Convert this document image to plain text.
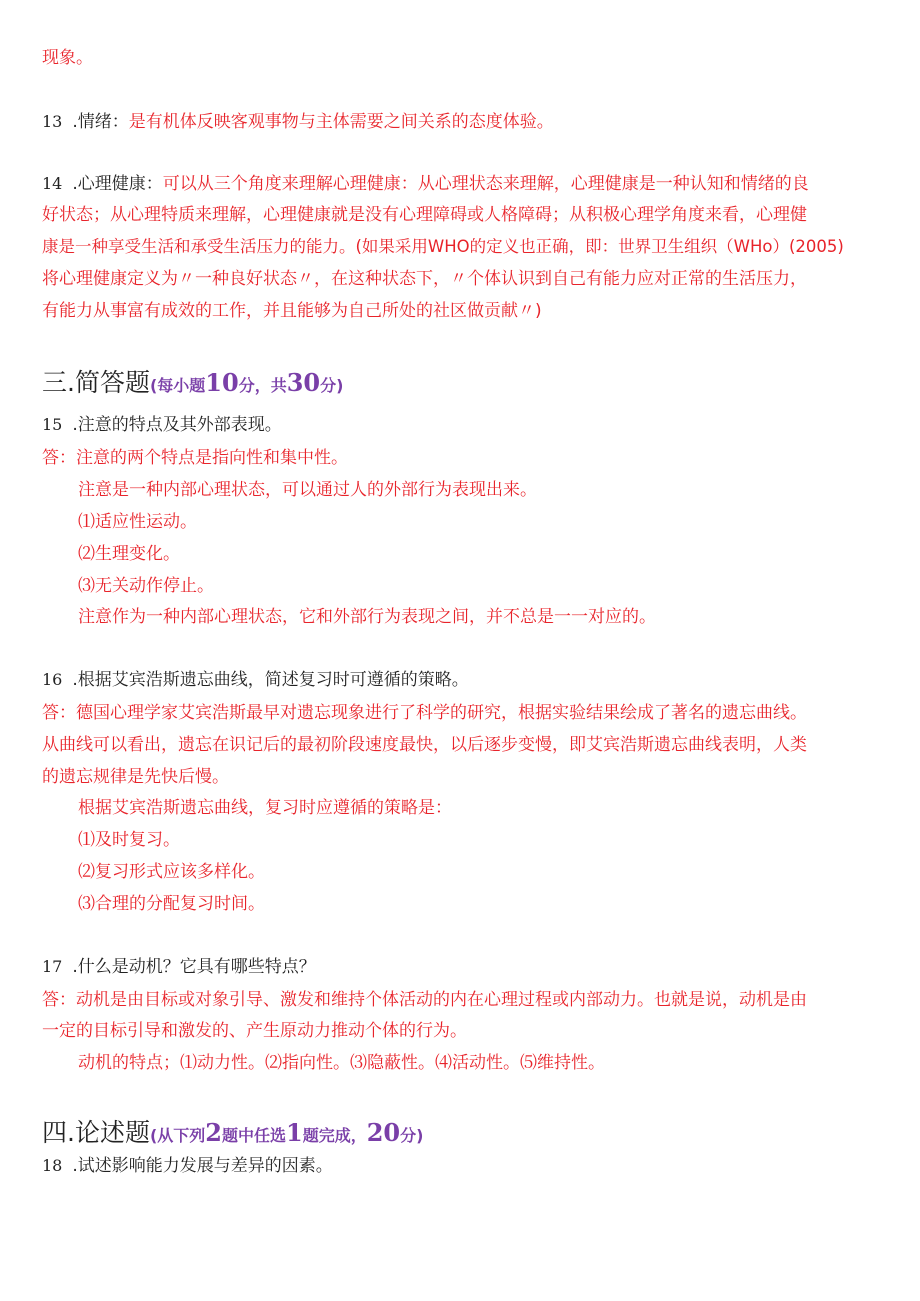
现象。
13 .情绪：是有机体反映客观事物与主体需要之间关系的态度体验。
14 .心理健康：可以从三个角度来理解心理健康：从心理状态来理解，心理健康是一种认知和情绪的良
好状态；从心理特质来理解，心理健康就是没有心理障碍或人格障碍；从积极心理学角度来看，心理健
康是一种享受生活和承受生活压力的能力。(如果采用WHO的定义也正确，即：世界卫生组织（WHo）(2005)
将心理健康定义为〃一种良好状态〃，在这种状态下，〃个体认识到自己有能力应对正常的生活压力，
有能力从事富有成效的工作，并且能够为自己所处的社区做贡献〃)
三.简答题(每小题10分，共30分)
15 .注意的特点及其外部表现。
答：注意的两个特点是指向性和集中性。
注意是一种内部心理状态，可以通过人的外部行为表现出来。
⑴适应性运动。
⑵生理变化。
⑶无关动作停止。
注意作为一种内部心理状态，它和外部行为表现之间，并不总是一一对应的。
16 .根据艾宾浩斯遗忘曲线，简述复习时可遵循的策略。
答：德国心理学家艾宾浩斯最早对遗忘现象进行了科学的研究，根据实验结果绘成了著名的遗忘曲线。
从曲线可以看出，遗忘在识记后的最初阶段速度最快，以后逐步变慢，即艾宾浩斯遗忘曲线表明，人类
的遗忘规律是先快后慢。
根据艾宾浩斯遗忘曲线，复习时应遵循的策略是：
⑴及时复习。
⑵复习形式应该多样化。
⑶合理的分配复习时间。
17 .什么是动机？它具有哪些特点？
答：动机是由目标或对象引导、激发和维持个体活动的内在心理过程或内部动力。也就是说，动机是由
一定的目标引导和激发的、产生原动力推动个体的行为。
动机的特点；⑴动力性。⑵指向性。⑶隐蔽性。⑷活动性。⑸维持性。
四.论述题(从下列2题中任选1题完成，20分)
18 .试述影响能力发展与差异的因素。
